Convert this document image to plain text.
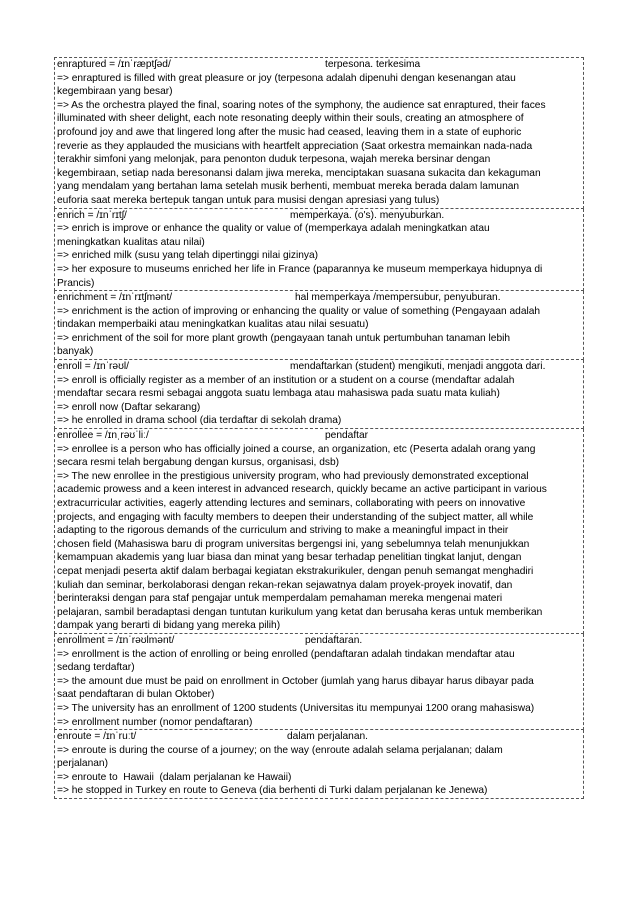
enraptured = /ɪnˈræptʃəd/	terpesona. terkesima
=> enraptured is filled with great pleasure or joy (terpesona adalah dipenuhi dengan kesenangan atau
kegembiraan yang besar)
=> As the orchestra played the final, soaring notes of the symphony, the audience sat enraptured, their faces
illuminated with sheer delight, each note resonating deeply within their souls, creating an atmosphere of
profound joy and awe that lingered long after the music had ceased, leaving them in a state of euphoric
reverie as they applauded the musicians with heartfelt appreciation (Saat orkestra memainkan nada-nada
terakhir simfoni yang melonjak, para penonton duduk terpesona, wajah mereka bersinar dengan
kegembiraan, setiap nada beresonansi dalam jiwa mereka, menciptakan suasana sukacita dan kekaguman
yang mendalam yang bertahan lama setelah musik berhenti, membuat mereka berada dalam lamunan
euforia saat mereka bertepuk tangan untuk para musisi dengan apresiasi yang tulus)
enrich = /ɪnˈrɪtʃ/	memperkaya. (o's). menyuburkan.
=> enrich is improve or enhance the quality or value of (memperkaya adalah meningkatkan atau
meningkatkan kualitas atau nilai)
=> enriched milk (susu yang telah dipertinggi nilai gizinya)
=> her exposure to museums enriched her life in France (paparannya ke museum memperkaya hidupnya di
Prancis)
enrichment = /ɪnˈrɪtʃmənt/	hal memperkaya /mempersubur, penyuburan.
=> enrichment is the action of improving or enhancing the quality or value of something (Pengayaan adalah
tindakan memperbaiki atau meningkatkan kualitas atau nilai sesuatu)
=> enrichment of the soil for more plant growth (pengayaan tanah untuk pertumbuhan tanaman lebih
banyak)
enroll = /ɪnˈrəʊl/	mendaftarkan (student) mengikuti, menjadi anggota dari.
=> enroll is officially register as a member of an institution or a student on a course (mendaftar adalah
mendaftar secara resmi sebagai anggota suatu lembaga atau mahasiswa pada suatu mata kuliah)
=> enroll now (Daftar sekarang)
=> he enrolled in drama school (dia terdaftar di sekolah drama)
enrollee = /ɪnˌrəʊˈliː/	pendaftar
=> enrollee is a person who has officially joined a course, an organization, etc (Peserta adalah orang yang
secara resmi telah bergabung dengan kursus, organisasi, dsb)
=> The new enrollee in the prestigious university program, who had previously demonstrated exceptional
academic prowess and a keen interest in advanced research, quickly became an active participant in various
extracurricular activities, eagerly attending lectures and seminars, collaborating with peers on innovative
projects, and engaging with faculty members to deepen their understanding of the subject matter, all while
adapting to the rigorous demands of the curriculum and striving to make a meaningful impact in their
chosen field (Mahasiswa baru di program universitas bergengsi ini, yang sebelumnya telah menunjukkan
kemampuan akademis yang luar biasa dan minat yang besar terhadap penelitian tingkat lanjut, dengan
cepat menjadi peserta aktif dalam berbagai kegiatan ekstrakurikuler, dengan penuh semangat menghadiri
kuliah dan seminar, berkolaborasi dengan rekan-rekan sejawatnya dalam proyek-proyek inovatif, dan
berinteraksi dengan para staf pengajar untuk memperdalam pemahaman mereka mengenai materi
pelajaran, sambil beradaptasi dengan tuntutan kurikulum yang ketat dan berusaha keras untuk memberikan
dampak yang berarti di bidang yang mereka pilih)
enrollment = /ɪnˈrəʊlmənt/	pendaftaran.
=> enrollment is the action of enrolling or being enrolled (pendaftaran adalah tindakan mendaftar atau
sedang terdaftar)
=> the amount due must be paid on enrollment in October (jumlah yang harus dibayar harus dibayar pada
saat pendaftaran di bulan Oktober)
=> The university has an enrollment of 1200 students (Universitas itu mempunyai 1200 orang mahasiswa)
=> enrollment number (nomor pendaftaran)
enroute = /ɪnˈruːt/	dalam perjalanan.
=> enroute is during the course of a journey; on the way (enroute adalah selama perjalanan; dalam
perjalanan)
=> enroute to  Hawaii  (dalam perjalanan ke Hawaii)
=> he stopped in Turkey en route to Geneva (dia berhenti di Turki dalam perjalanan ke Jenewa)
